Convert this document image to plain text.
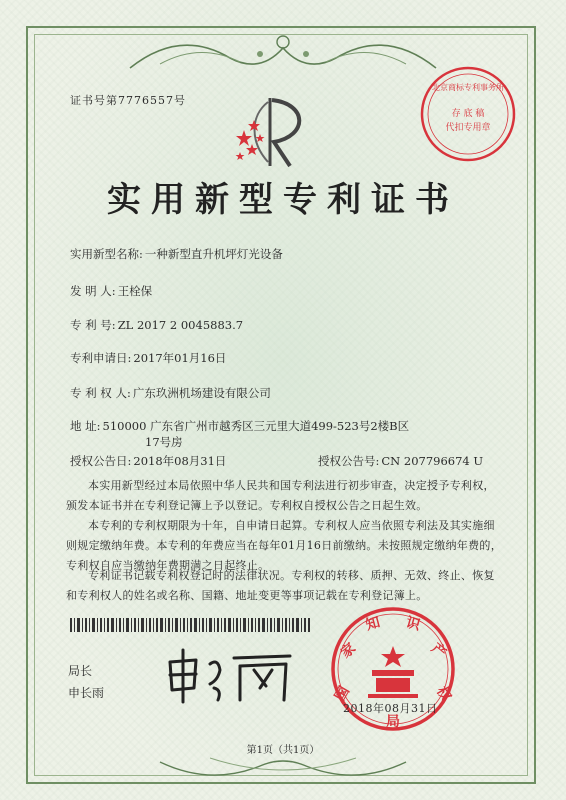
证书号第7776557号
北京商标专利事务所
存 底 稿
代扣专用章
实用新型专利证书
实用新型名称: 一种新型直升机坪灯光设备
发 明 人: 王栓保
专 利 号: ZL 2017 2 0045883.7
专利申请日: 2017年01月16日
专 利 权 人: 广东玖洲机场建设有限公司
地 址: 510000 广东省广州市越秀区三元里大道499-523号2楼B区
17号房
授权公告日: 2018年08月31日	授权公告号: CN 207796674 U
本实用新型经过本局依照中华人民共和国专利法进行初步审查，决定授予专利权，颁发本证书并在专利登记簿上予以登记。专利权自授权公告之日起生效。
本专利的专利权期限为十年，自申请日起算。专利权人应当依照专利法及其实施细则规定缴纳年费。本专利的年费应当在每年01月16日前缴纳。未按照规定缴纳年费的，专利权自应当缴纳年费期满之日起终止。
专利证书记载专利权登记时的法律状况。专利权的转移、质押、无效、终止、恢复和专利权人的姓名或名称、国籍、地址变更等事项记载在专利登记簿上。
局长
申长雨	国
家
知 识
产
权
局
2018年08月31日
第1页（共1页）
